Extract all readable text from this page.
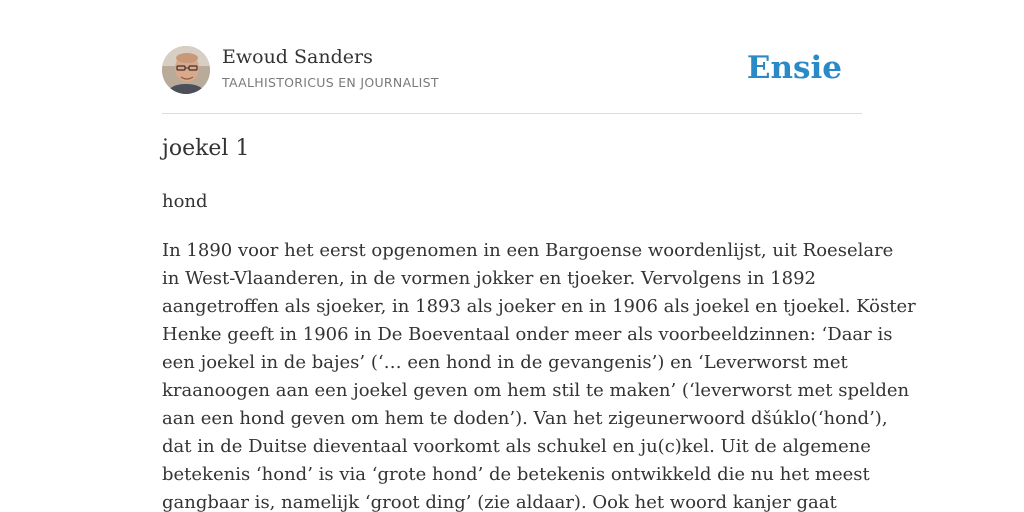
Ewoud Sanders
TAALHISTORICUS EN JOURNALIST	Ensie
joekel 1
hond
In 1890 voor het eerst opgenomen in een Bargoense woordenlijst, uit Roeselare
in West-Vlaanderen, in de vormen jokker en tjoeker. Vervolgens in 1892
aangetroffen als sjoeker, in 1893 als joeker en in 1906 als joekel en tjoekel. Köster
Henke geeft in 1906 in De Boeventaal onder meer als voorbeeldzinnen: ‘Daar is
een joekel in de bajes’ (‘… een hond in de gevangenis’) en ‘Leverworst met
kraanoogen aan een joekel geven om hem stil te maken’ (‘leverworst met spelden
aan een hond geven om hem te doden’). Van het zigeunerwoord dšúklo(‘hond’),
dat in de Duitse dieventaal voorkomt als schukel en ju(c)kel. Uit de algemene
betekenis ‘hond’ is via ‘grote hond’ de betekenis ontwikkeld die nu het meest
gangbaar is, namelijk ‘groot ding’ (zie aldaar). Ook het woord kanjer gaat
